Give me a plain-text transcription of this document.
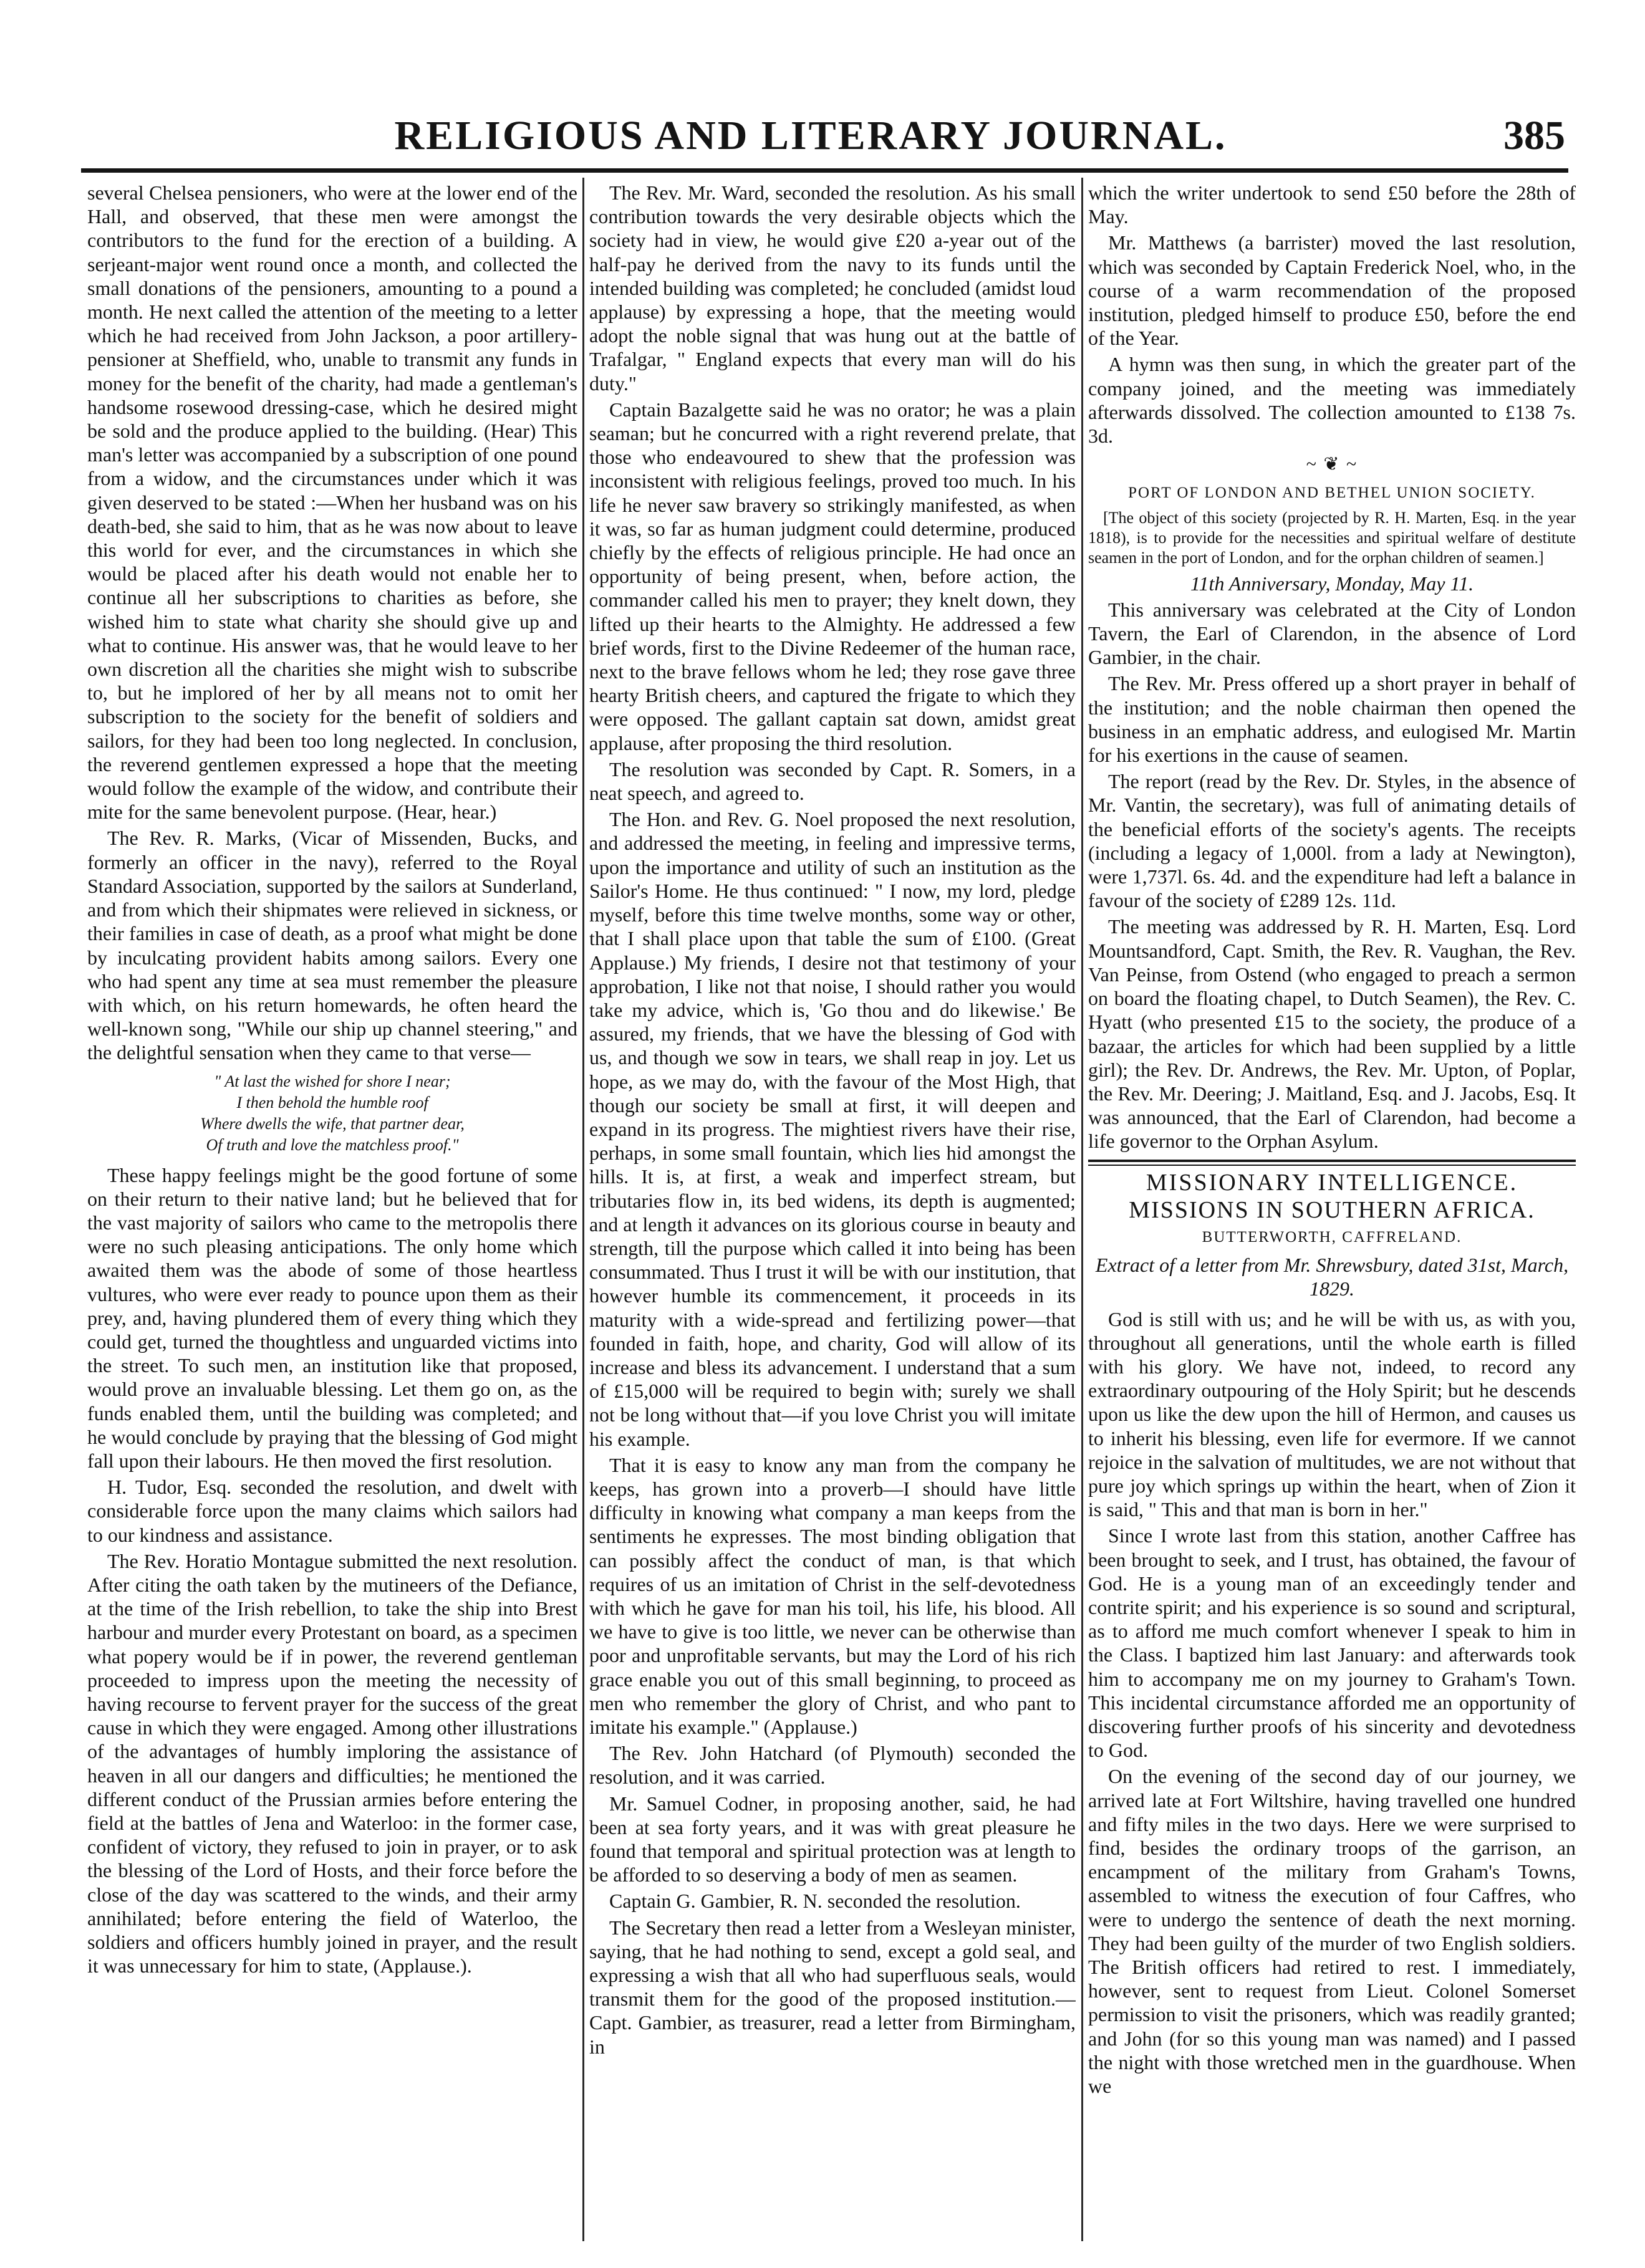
RELIGIOUS AND LITERARY JOURNAL.	385

several Chelsea pensioners, who were at the lower end of the Hall, and observed, that these men were amongst the contributors to the fund for the erection of a building. A serjeant-major went round once a month, and collected the small donations of the pensioners, amounting to a pound a month. He next called the attention of the meeting to a letter which he had received from John Jackson, a poor artillery-pensioner at Sheffield, who, unable to transmit any funds in money for the benefit of the charity, had made a gentleman's handsome rosewood dressing-case, which he desired might be sold and the produce applied to the building. (Hear) This man's letter was accompanied by a subscription of one pound from a widow, and the circumstances under which it was given deserved to be stated :—When her husband was on his death-bed, she said to him, that as he was now about to leave this world for ever, and the circumstances in which she would be placed after his death would not enable her to continue all her subscriptions to charities as before, she wished him to state what charity she should give up and what to continue. His answer was, that he would leave to her own discretion all the charities she might wish to subscribe to, but he implored of her by all means not to omit her subscription to the society for the benefit of soldiers and sailors, for they had been too long neglected. In conclusion, the reverend gentlemen expressed a hope that the meeting would follow the example of the widow, and contribute their mite for the same benevolent purpose. (Hear, hear.)

The Rev. R. Marks, (Vicar of Missenden, Bucks, and formerly an officer in the navy), referred to the Royal Standard Association, supported by the sailors at Sunderland, and from which their shipmates were relieved in sickness, or their families in case of death, as a proof what might be done by inculcating provident habits among sailors. Every one who had spent any time at sea must remember the pleasure with which, on his return homewards, he often heard the well-known song, "While our ship up channel steering," and the delightful sensation when they came to that verse—

" At last the wished for shore I near;
I then behold the humble roof
Where dwells the wife, that partner dear,
Of truth and love the matchless proof."

These happy feelings might be the good fortune of some on their return to their native land; but he believed that for the vast majority of sailors who came to the metropolis there were no such pleasing anticipations. The only home which awaited them was the abode of some of those heartless vultures, who were ever ready to pounce upon them as their prey, and, having plundered them of every thing which they could get, turned the thoughtless and unguarded victims into the street. To such men, an institution like that proposed, would prove an invaluable blessing. Let them go on, as the funds enabled them, until the building was completed; and he would conclude by praying that the blessing of God might fall upon their labours. He then moved the first resolution.

H. Tudor, Esq. seconded the resolution, and dwelt with considerable force upon the many claims which sailors had to our kindness and assistance.

The Rev. Horatio Montague submitted the next resolution. After citing the oath taken by the mutineers of the Defiance, at the time of the Irish rebellion, to take the ship into Brest harbour and murder every Protestant on board, as a specimen what popery would be if in power, the reverend gentleman proceeded to impress upon the meeting the necessity of having recourse to fervent prayer for the success of the great cause in which they were engaged. Among other illustrations of the advantages of humbly imploring the assistance of heaven in all our dangers and difficulties; he mentioned the different conduct of the Prussian armies before entering the field at the battles of Jena and Waterloo: in the former case, confident of victory, they refused to join in prayer, or to ask the blessing of the Lord of Hosts, and their force before the close of the day was scattered to the winds, and their army annihilated; before entering the field of Waterloo, the soldiers and officers humbly joined in prayer, and the result it was unnecessary for him to state, (Applause.).

The Rev. Mr. Ward, seconded the resolution. As his small contribution towards the very desirable objects which the society had in view, he would give £20 a-year out of the half-pay he derived from the navy to its funds until the intended building was completed; he concluded (amidst loud applause) by expressing a hope, that the meeting would adopt the noble signal that was hung out at the battle of Trafalgar, " England expects that every man will do his duty."

Captain Bazalgette said he was no orator; he was a plain seaman; but he concurred with a right reverend prelate, that those who endeavoured to shew that the profession was inconsistent with religious feelings, proved too much. In his life he never saw bravery so strikingly manifested, as when it was, so far as human judgment could determine, produced chiefly by the effects of religious principle. He had once an opportunity of being present, when, before action, the commander called his men to prayer; they knelt down, they lifted up their hearts to the Almighty. He addressed a few brief words, first to the Divine Redeemer of the human race, next to the brave fellows whom he led; they rose gave three hearty British cheers, and captured the frigate to which they were opposed. The gallant captain sat down, amidst great applause, after proposing the third resolution.

The resolution was seconded by Capt. R. Somers, in a neat speech, and agreed to.

The Hon. and Rev. G. Noel proposed the next resolution, and addressed the meeting, in feeling and impressive terms, upon the importance and utility of such an institution as the Sailor's Home. He thus continued: " I now, my lord, pledge myself, before this time twelve months, some way or other, that I shall place upon that table the sum of £100. (Great Applause.) My friends, I desire not that testimony of your approbation, I like not that noise, I should rather you would take my advice, which is, 'Go thou and do likewise.' Be assured, my friends, that we have the blessing of God with us, and though we sow in tears, we shall reap in joy. Let us hope, as we may do, with the favour of the Most High, that though our society be small at first, it will deepen and expand in its progress. The mightiest rivers have their rise, perhaps, in some small fountain, which lies hid amongst the hills. It is, at first, a weak and imperfect stream, but tributaries flow in, its bed widens, its depth is augmented; and at length it advances on its glorious course in beauty and strength, till the purpose which called it into being has been consummated. Thus I trust it will be with our institution, that however humble its commencement, it proceeds in its maturity with a wide-spread and fertilizing power—that founded in faith, hope, and charity, God will allow of its increase and bless its advancement. I understand that a sum of £15,000 will be required to begin with; surely we shall not be long without that—if you love Christ you will imitate his example.

That it is easy to know any man from the company he keeps, has grown into a proverb—I should have little difficulty in knowing what company a man keeps from the sentiments he expresses. The most binding obligation that can possibly affect the conduct of man, is that which requires of us an imitation of Christ in the self-devotedness with which he gave for man his toil, his life, his blood. All we have to give is too little, we never can be otherwise than poor and unprofitable servants, but may the Lord of his rich grace enable you out of this small beginning, to proceed as men who remember the glory of Christ, and who pant to imitate his example." (Applause.)

The Rev. John Hatchard (of Plymouth) seconded the resolution, and it was carried.

Mr. Samuel Codner, in proposing another, said, he had been at sea forty years, and it was with great pleasure he found that temporal and spiritual protection was at length to be afforded to so deserving a body of men as seamen.

Captain G. Gambier, R. N. seconded the resolution.

The Secretary then read a letter from a Wesleyan minister, saying, that he had nothing to send, except a gold seal, and expressing a wish that all who had superfluous seals, would transmit them for the good of the proposed institution.— Capt. Gambier, as treasurer, read a letter from Birmingham, in

which the writer undertook to send £50 before the 28th of May.

Mr. Matthews (a barrister) moved the last resolution, which was seconded by Captain Frederick Noel, who, in the course of a warm recommendation of the proposed institution, pledged himself to produce £50, before the end of the Year.

A hymn was then sung, in which the greater part of the company joined, and the meeting was immediately afterwards dissolved. The collection amounted to £138 7s. 3d.

~ ❦ ~
PORT OF LONDON AND BETHEL UNION SOCIETY.

[The object of this society (projected by R. H. Marten, Esq. in the year 1818), is to provide for the necessities and spiritual welfare of destitute seamen in the port of London, and for the orphan children of seamen.]

11th Anniversary, Monday, May 11.

This anniversary was celebrated at the City of London Tavern, the Earl of Clarendon, in the absence of Lord Gambier, in the chair.

The Rev. Mr. Press offered up a short prayer in behalf of the institution; and the noble chairman then opened the business in an emphatic address, and eulogised Mr. Martin for his exertions in the cause of seamen.

The report (read by the Rev. Dr. Styles, in the absence of Mr. Vantin, the secretary), was full of animating details of the beneficial efforts of the society's agents. The receipts (including a legacy of 1,000l. from a lady at Newington), were 1,737l. 6s. 4d. and the expenditure had left a balance in favour of the society of £289 12s. 11d.

The meeting was addressed by R. H. Marten, Esq. Lord Mountsandford, Capt. Smith, the Rev. R. Vaughan, the Rev. Van Peinse, from Ostend (who engaged to preach a sermon on board the floating chapel, to Dutch Seamen), the Rev. C. Hyatt (who presented £15 to the society, the produce of a bazaar, the articles for which had been supplied by a little girl); the Rev. Dr. Andrews, the Rev. Mr. Upton, of Poplar, the Rev. Mr. Deering; J. Maitland, Esq. and J. Jacobs, Esq. It was announced, that the Earl of Clarendon, had become a life governor to the Orphan Asylum.

MISSIONARY INTELLIGENCE.
MISSIONS IN SOUTHERN AFRICA.
BUTTERWORTH, CAFFRELAND.

Extract of a letter from Mr. Shrewsbury, dated 31st, March, 1829.

God is still with us; and he will be with us, as with you, throughout all generations, until the whole earth is filled with his glory. We have not, indeed, to record any extraordinary outpouring of the Holy Spirit; but he descends upon us like the dew upon the hill of Hermon, and causes us to inherit his blessing, even life for evermore. If we cannot rejoice in the salvation of multitudes, we are not without that pure joy which springs up within the heart, when of Zion it is said, " This and that man is born in her."

Since I wrote last from this station, another Caffree has been brought to seek, and I trust, has obtained, the favour of God. He is a young man of an exceedingly tender and contrite spirit; and his experience is so sound and scriptural, as to afford me much comfort whenever I speak to him in the Class. I baptized him last January: and afterwards took him to accompany me on my journey to Graham's Town. This incidental circumstance afforded me an opportunity of discovering further proofs of his sincerity and devotedness to God.

On the evening of the second day of our journey, we arrived late at Fort Wiltshire, having travelled one hundred and fifty miles in the two days. Here we were surprised to find, besides the ordinary troops of the garrison, an encampment of the military from Graham's Towns, assembled to witness the execution of four Caffres, who were to undergo the sentence of death the next morning. They had been guilty of the murder of two English soldiers. The British officers had retired to rest. I immediately, however, sent to request from Lieut. Colonel Somerset permission to visit the prisoners, which was readily granted; and John (for so this young man was named) and I passed the night with those wretched men in the guardhouse. When we
